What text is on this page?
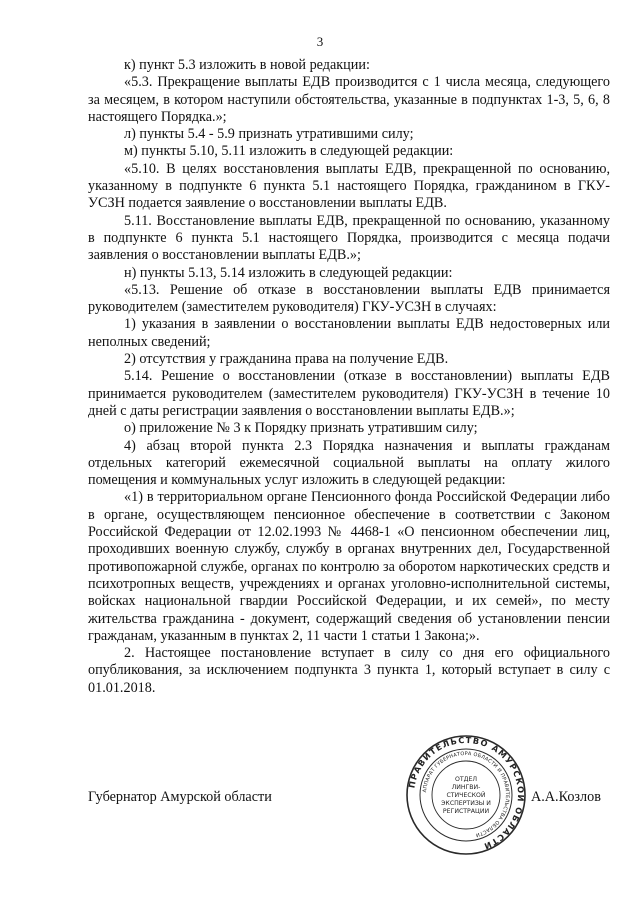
3

к) пункт 5.3 изложить в новой редакции:

«5.3. Прекращение выплаты ЕДВ производится с 1 числа месяца, следующего за месяцем, в котором наступили обстоятельства, указанные в подпунктах 1-3, 5, 6, 8 настоящего Порядка.»;

л) пункты 5.4 - 5.9 признать утратившими силу;

м) пункты 5.10, 5.11 изложить в следующей редакции:

«5.10. В целях восстановления выплаты ЕДВ, прекращенной по основанию, указанному в подпункте 6 пункта 5.1 настоящего Порядка, гражданином в ГКУ-УСЗН подается заявление о восстановлении выплаты ЕДВ.

5.11. Восстановление выплаты ЕДВ, прекращенной по основанию, указанному в подпункте 6 пункта 5.1 настоящего Порядка, производится с месяца подачи заявления о восстановлении выплаты ЕДВ.»;

н) пункты 5.13, 5.14 изложить в следующей редакции:

«5.13. Решение об отказе в восстановлении выплаты ЕДВ принимается руководителем (заместителем руководителя) ГКУ-УСЗН в случаях:

1) указания в заявлении о восстановлении выплаты ЕДВ недостоверных или неполных сведений;

2) отсутствия у гражданина права на получение ЕДВ.

5.14. Решение о восстановлении (отказе в восстановлении) выплаты ЕДВ принимается руководителем (заместителем руководителя) ГКУ-УСЗН в течение 10 дней с даты регистрации заявления о восстановлении выплаты ЕДВ.»;

о) приложение № 3 к Порядку признать утратившим силу;

4) абзац второй пункта 2.3 Порядка назначения и выплаты гражданам отдельных категорий ежемесячной социальной выплаты на оплату жилого помещения и коммунальных услуг изложить в следующей редакции:

«1) в территориальном органе Пенсионного фонда Российской Федерации либо в органе, осуществляющем пенсионное обеспечение в соответствии с Законом Российской Федерации от 12.02.1993 № 4468-1 «О пенсионном обеспечении лиц, проходивших военную службу, службу в органах внутренних дел, Государственной противопожарной службе, органах по контролю за оборотом наркотических средств и психотропных веществ, учреждениях и органах уголовно-исполнительной системы, войсках национальной гвардии Российской Федерации, и их семей», по месту жительства гражданина - документ, содержащий сведения об установлении пенсии гражданам, указанным в пунктах 2, 11 части 1 статьи 1 Закона;».

2. Настоящее постановление вступает в силу со дня его официального опубликования, за исключением подпункта 3 пункта 1, который вступает в силу с 01.01.2018.

Губернатор Амурской области	А.А.Козлов
ПРАВИТЕЛЬСТВО АМУРСКОЙ ОБЛАСТИ
АППАРАТ ГУБЕРНАТОРА ОБЛАСТИ И ПРАВИТЕЛЬСТВА ОБЛАСТИ
ОТДЕЛ
ЛИНГВИ-
СТИЧЕСКОЙ
ЭКСПЕРТИЗЫ И
РЕГИСТРАЦИИ
